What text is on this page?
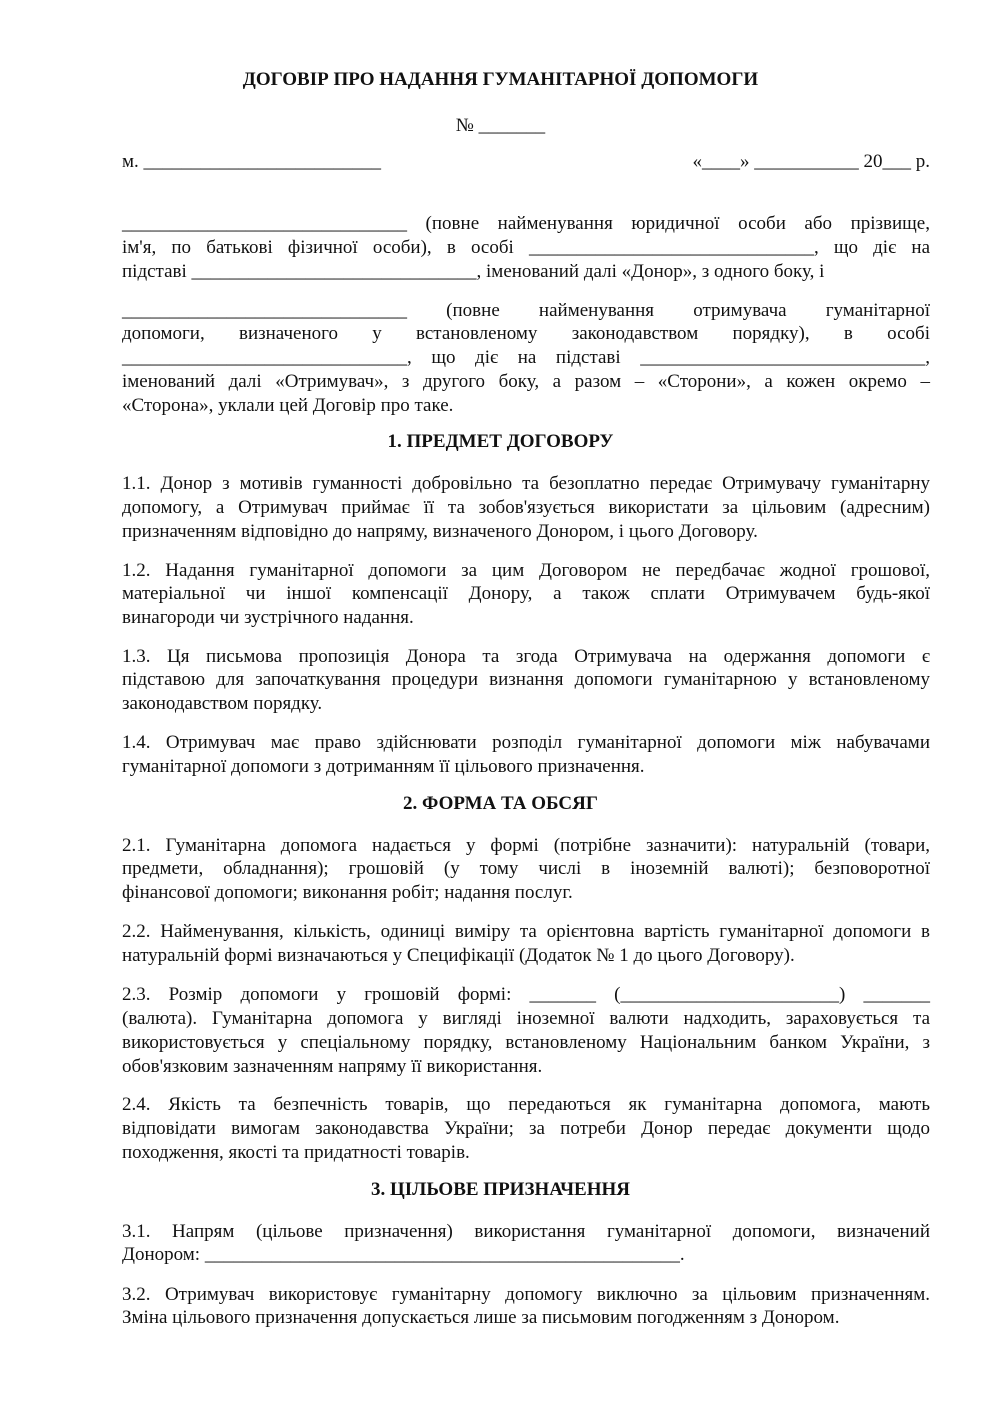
ДОГОВІР ПРО НАДАННЯ ГУМАНІТАРНОЇ ДОПОМОГИ
№ _______
м. _________________________	«____» ___________ 20___ р.
______________________________ (повне найменування юридичної особи або прізвище,
ім'я, по батькові фізичної особи), в особі ______________________________, що діє на
підставі ______________________________, іменований далі «Донор», з одного боку, і
______________________________ (повне найменування отримувача гуманітарної
допомоги, визначеного у встановленому законодавством порядку), в особі
______________________________, що діє на підставі ______________________________,
іменований далі «Отримувач», з другого боку, а разом – «Сторони», а кожен окремо –
«Сторона», уклали цей Договір про таке.
1. ПРЕДМЕТ ДОГОВОРУ
1.1. Донор з мотивів гуманності добровільно та безоплатно передає Отримувачу гуманітарну
допомогу, а Отримувач приймає її та зобов'язується використати за цільовим (адресним)
призначенням відповідно до напряму, визначеного Донором, і цього Договору.
1.2. Надання гуманітарної допомоги за цим Договором не передбачає жодної грошової,
матеріальної чи іншої компенсації Донору, а також сплати Отримувачем будь-якої
винагороди чи зустрічного надання.
1.3. Ця письмова пропозиція Донора та згода Отримувача на одержання допомоги є
підставою для започаткування процедури визнання допомоги гуманітарною у встановленому
законодавством порядку.
1.4. Отримувач має право здійснювати розподіл гуманітарної допомоги між набувачами
гуманітарної допомоги з дотриманням її цільового призначення.
2. ФОРМА ТА ОБСЯГ
2.1. Гуманітарна допомога надається у формі (потрібне зазначити): натуральній (товари,
предмети, обладнання); грошовій (у тому числі в іноземній валюті); безповоротної
фінансової допомоги; виконання робіт; надання послуг.
2.2. Найменування, кількість, одиниці виміру та орієнтовна вартість гуманітарної допомоги в
натуральній формі визначаються у Специфікації (Додаток № 1 до цього Договору).
2.3. Розмір допомоги у грошовій формі: _______ (_______________________) _______
(валюта). Гуманітарна допомога у вигляді іноземної валюти надходить, зараховується та
використовується у спеціальному порядку, встановленому Національним банком України, з
обов'язковим зазначенням напряму її використання.
2.4. Якість та безпечність товарів, що передаються як гуманітарна допомога, мають
відповідати вимогам законодавства України; за потреби Донор передає документи щодо
походження, якості та придатності товарів.
3. ЦІЛЬОВЕ ПРИЗНАЧЕННЯ
3.1. Напрям (цільове призначення) використання гуманітарної допомоги, визначений
Донором: __________________________________________________.
3.2. Отримувач використовує гуманітарну допомогу виключно за цільовим призначенням.
Зміна цільового призначення допускається лише за письмовим погодженням з Донором.
